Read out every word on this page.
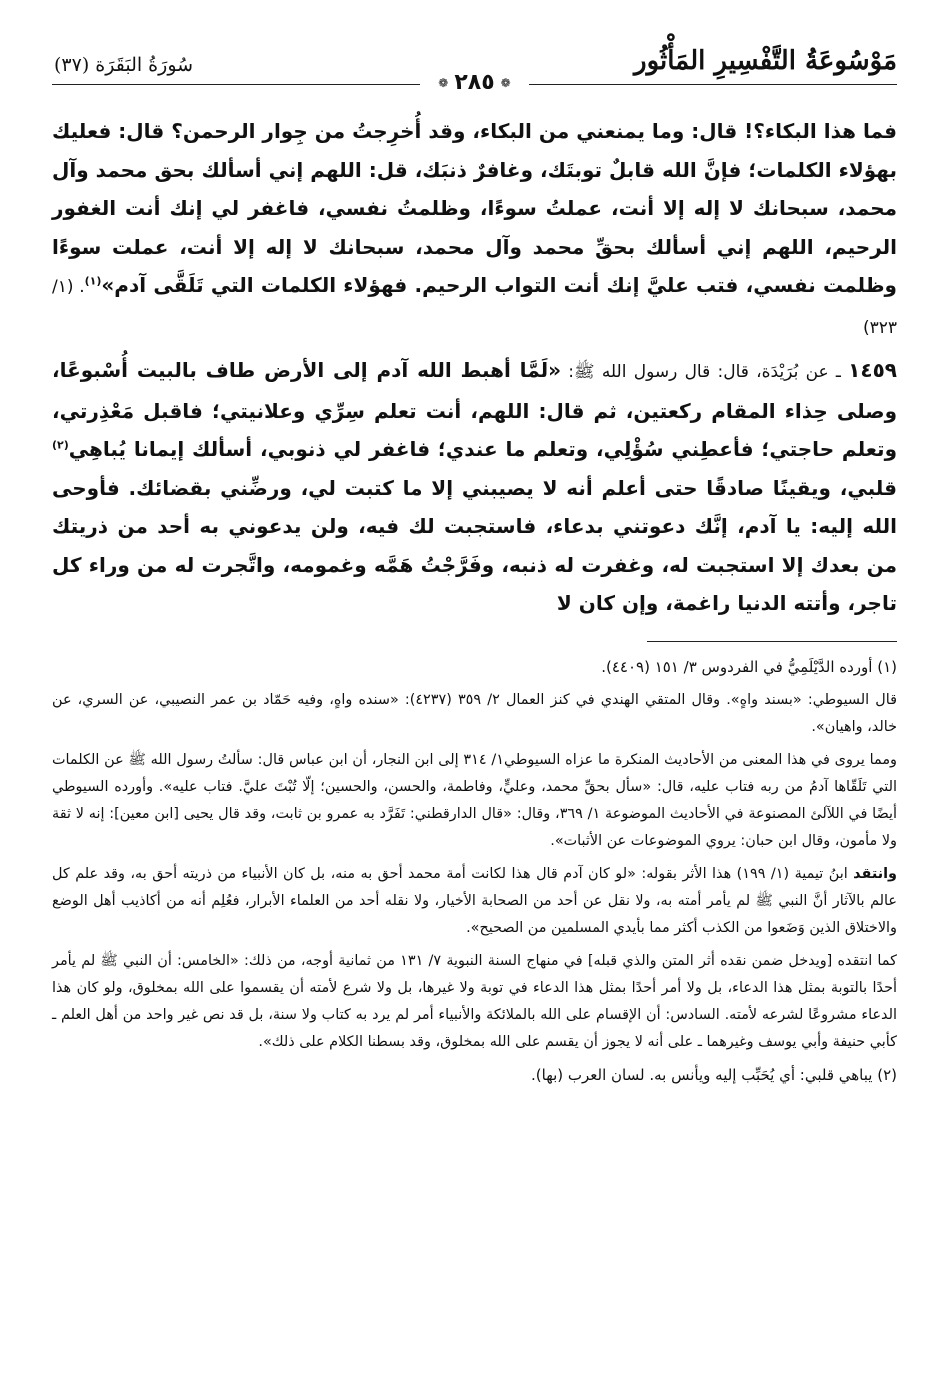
مَوْسُوعَةُ التَّفْسِيرِ المَأْثُور
سُورَةُ البَقَرَة (٣٧)
❁٢٨٥❁

فما هذا البكاء؟! قال: وما يمنعني من البكاء، وقد أُخرِجتُ من جِوار الرحمن؟ قال: فعليك بهؤلاء الكلمات؛ فإنَّ الله قابلٌ توبتَك، وغافرٌ ذنبَك، قل: اللهم إني أسألك بحق محمد وآل محمد، سبحانك لا إله إلا أنت، عملتُ سوءًا، وظلمتُ نفسي، فاغفر لي إنك أنت الغفور الرحيم، اللهم إني أسألك بحقِّ محمد وآل محمد، سبحانك لا إله إلا أنت، عملت سوءًا وظلمت نفسي، فتب عليَّ إنك أنت التواب الرحيم. فهؤلاء الكلمات التي تَلَقَّى آدم»$^{(١)}$. (١/ ٣٢٣)

١٤٥٩ ـ عن بُرَيْدَة، قال: قال رسول الله ﷺ: «لَمَّا أهبط الله آدم إلى الأرض طاف بالبيت أُسْبوعًا، وصلى حِذاء المقام ركعتين، ثم قال: اللهم، أنت تعلم سِرِّي وعلانيتي؛ فاقبل مَعْذِرتي، وتعلم حاجتي؛ فأعطِني سُؤْلِي، وتعلم ما عندي؛ فاغفر لي ذنوبي، أسألك إيمانا يُباهِي$^{(٢)}$ قلبي، ويقينًا صادقًا حتى أعلم أنه لا يصيبني إلا ما كتبت لي، ورضِّني بقضائك. فأوحى الله إليه: يا آدم، إنَّك دعوتني بدعاء، فاستجبت لك فيه، ولن يدعوني به أحد من ذريتك من بعدك إلا استجبت له، وغفرت له ذنبه، وفَرَّجْتُ هَمَّه وغمومه، واتَّجرت له من وراء كل تاجر، وأتته الدنيا راغمة، وإن كان لا

(١) أورده الدَّيْلَمِيُّ في الفردوس ٣/ ١٥١ (٤٤٠٩).

قال السيوطي: «بسند واهٍ». وقال المتقي الهندي في كنز العمال ٢/ ٣٥٩ (٤٢٣٧): «سنده واهٍ، وفيه حَمّاد بن عمر النصيبي، عن السري، عن خالد، واهيان».

ومما يروى في هذا المعنى من الأحاديث المنكرة ما عزاه السيوطي١/ ٣١٤ إلى ابن النجار، أن ابن عباس قال: سألتُ رسول الله ﷺ عن الكلمات التي تَلَقّاها آدمُ من ربه فتاب عليه، قال: «سأل بحقِّ محمد، وعليٍّ، وفاطمة، والحسن، والحسين؛ إلّا تُبْتَ عليَّ. فتاب عليه». وأورده السيوطي أيضًا في اللآلئ المصنوعة في الأحاديث الموضوعة ١/ ٣٦٩، وقال: «قال الدارقطني: تَفَرَّد به عمرو بن ثابت، وقد قال يحيى [ابن معين]: إنه لا ثقة ولا مأمون، وقال ابن حبان: يروي الموضوعات عن الأثبات».

وانتقد ابنُ تيمية (١/ ١٩٩) هذا الأثر بقوله: «لو كان آدم قال هذا لكانت أمة محمد أحق به منه، بل كان الأنبياء من ذريته أحق به، وقد علم كل عالم بالآثار أنَّ النبي ﷺ لم يأمر أمته به، ولا نقل عن أحد من الصحابة الأخيار، ولا نقله أحد من العلماء الأبرار، فعُلِم أنه من أكاذيب أهل الوضع والاختلاق الذين وَضَعوا من الكذب أكثر مما بأيدي المسلمين من الصحيح».

كما انتقده [ويدخل ضمن نقده أثر المتن والذي قبله] في منهاج السنة النبوية ٧/ ١٣١ من ثمانية أوجه، من ذلك: «الخامس: أن النبي ﷺ لم يأمر أحدًا بالتوبة بمثل هذا الدعاء، بل ولا أمر أحدًا بمثل هذا الدعاء في توبة ولا غيرها، بل ولا شرع لأمته أن يقسموا على الله بمخلوق، ولو كان هذا الدعاء مشروعًا لشرعه لأمته. السادس: أن الإقسام على الله بالملائكة والأنبياء أمر لم يرد به كتاب ولا سنة، بل قد نص غير واحد من أهل العلم ـ كأبي حنيفة وأبي يوسف وغيرهما ـ على أنه لا يجوز أن يقسم على الله بمخلوق، وقد بسطنا الكلام على ذلك».

(٢) يباهي قلبي: أي يُحَبِّب إليه ويأنس به. لسان العرب (بها).
